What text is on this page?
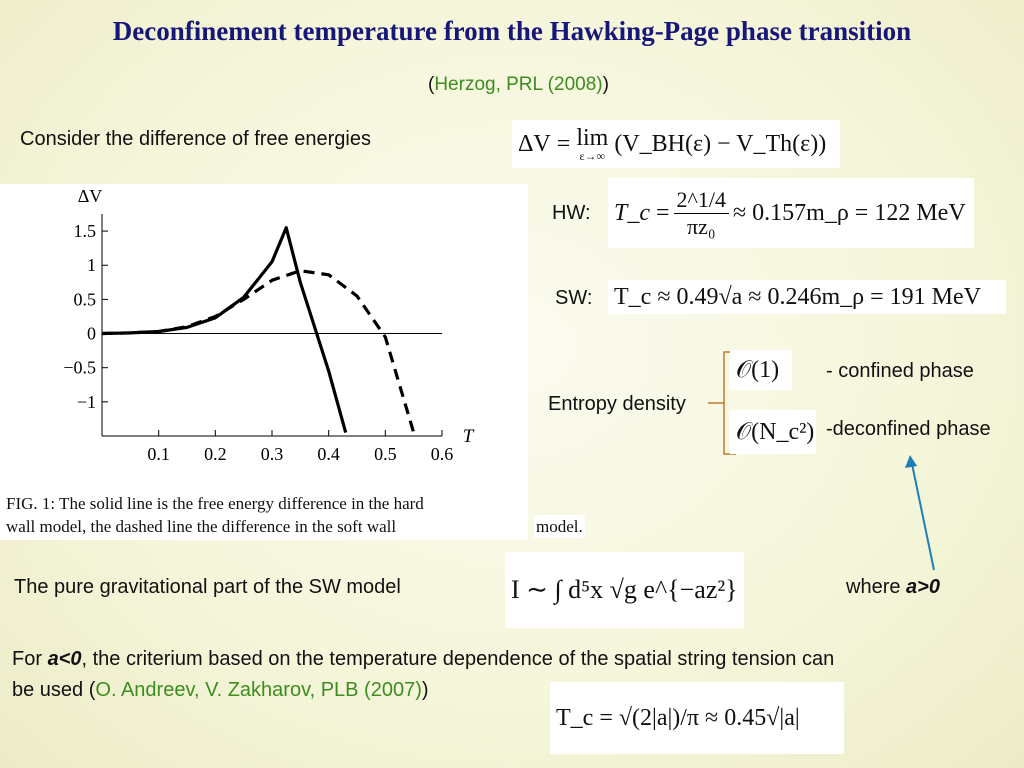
Deconfinement temperature from the Hawking-Page phase transition
(Herzog, PRL (2008))
Consider the difference of free energies	ΔV
=
lim
ε→∞
(V_BH(ε) − V_Th(ε))
HW: T_c
= $\frac{2\^{}1/4}{\text{πz₀}}$ ≈ 0.157m_ρ = 122 MeV
SW: T_c ≈ 0.49√a ≈ 0.246m_ρ = 191 MeV
Entropy density
𝒪(1)	- confined phase
𝒪(N_c²) -deconfined phase
1.5
1
0.5
0
−0.5
−1
0.1 0.2 0.3 0.4 0.5 0.6
ΔV
T
FIG. 1: The solid line is the free energy difference in the hard
wall model, the dashed line the difference in the soft wall	model.
The pure gravitational part of the SW model	I ∼ ∫ d⁵x √g e^{−az²}	where a>0
For a<0, the criterium based on the temperature dependence of the spatial string tension can
be used (O. Andreev, V. Zakharov, PLB (2007))
T_c = √(2|a|)/π ≈ 0.45√|a|
